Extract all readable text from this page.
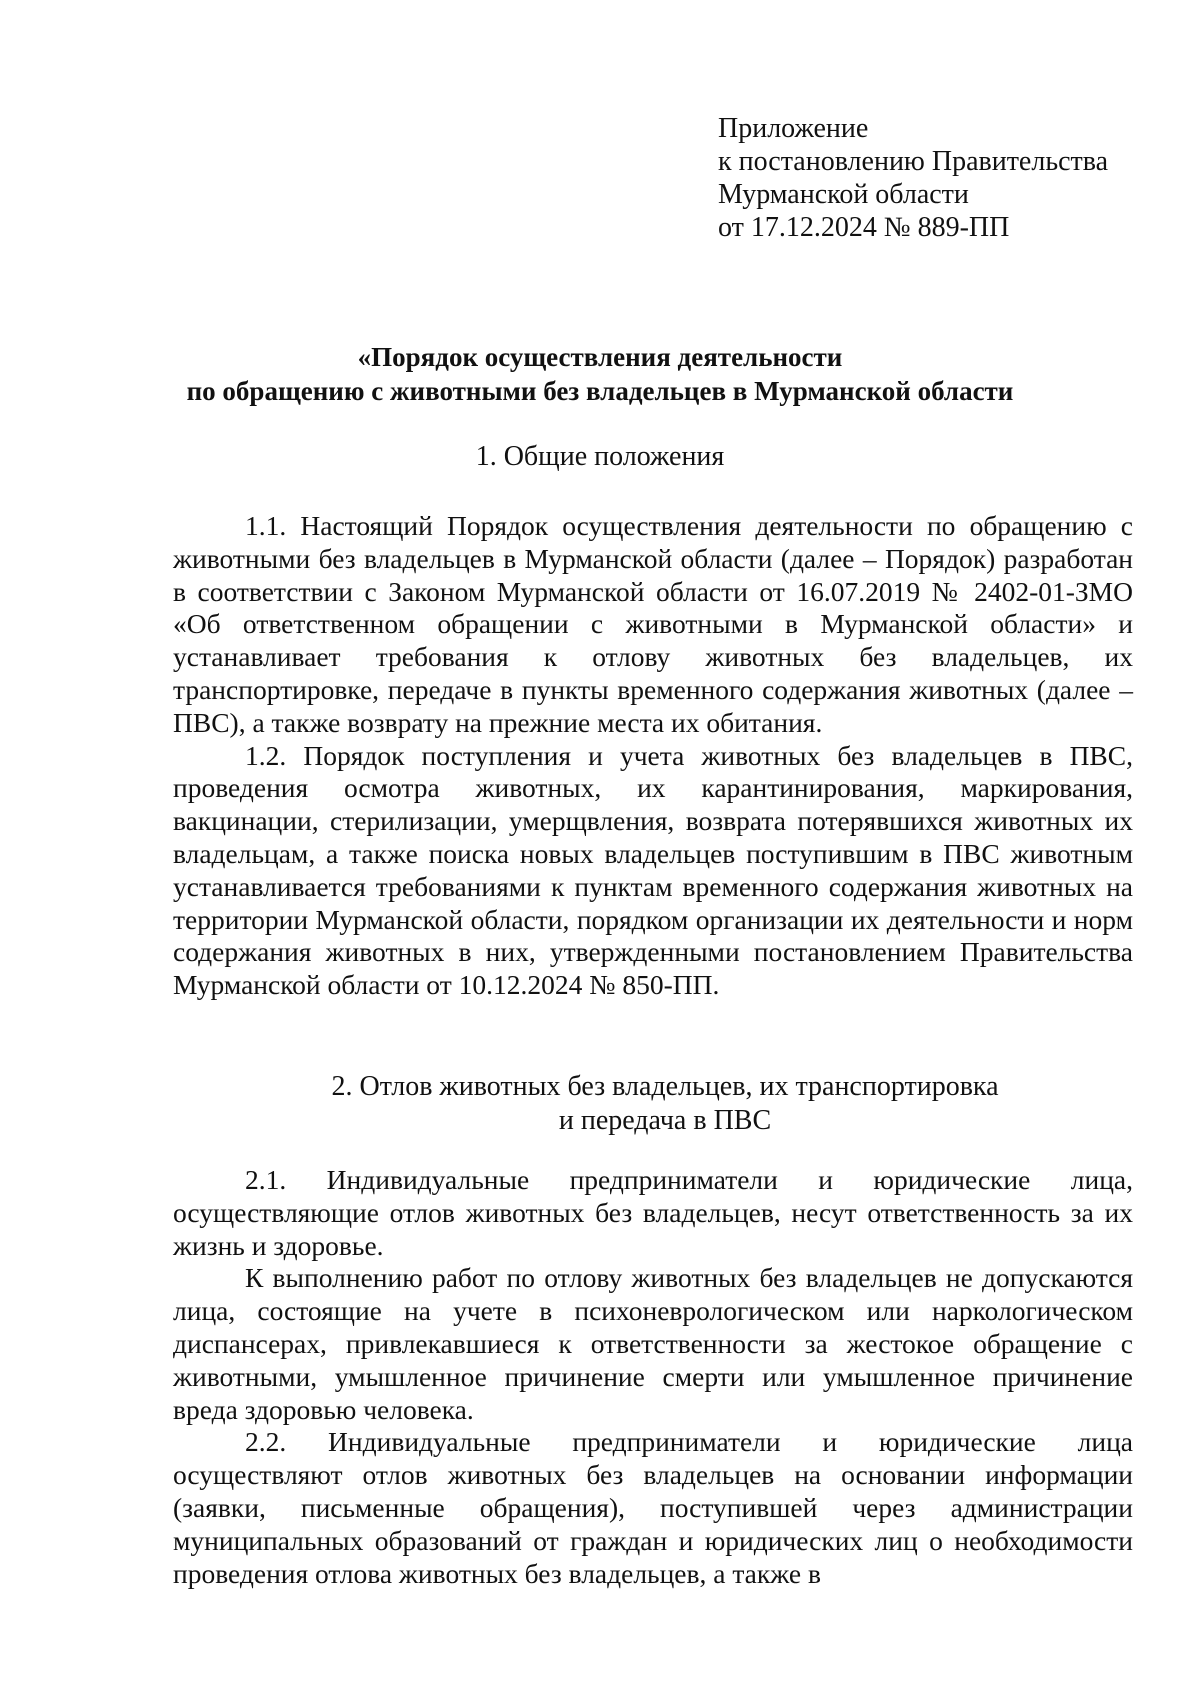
Приложение
к постановлению Правительства
Мурманской области
от 17.12.2024 № 889-ПП
«Порядок осуществления деятельности
по обращению с животными без владельцев в Мурманской области
1. Общие положения

1.1. Настоящий Порядок осуществления деятельности по обращению с животными без владельцев в Мурманской области (далее – Порядок) разработан в соответствии с Законом Мурманской области от 16.07.2019 № 2402-01-ЗМО «Об ответственном обращении с животными в Мурманской области» и устанавливает требования к отлову животных без владельцев, их транспортировке, передаче в пункты временного содержания животных (далее – ПВС), а также возврату на прежние места их обитания.

1.2. Порядок поступления и учета животных без владельцев в ПВС, проведения осмотра животных, их карантинирования, маркирования, вакцинации, стерилизации, умерщвления, возврата потерявшихся животных их владельцам, а также поиска новых владельцев поступившим в ПВС животным устанавливается требованиями к пунктам временного содержания животных на территории Мурманской области, порядком организации их деятельности и норм содержания животных в них, утвержденными постановлением Правительства Мурманской области от 10.12.2024 № 850-ПП.

2. Отлов животных без владельцев, их транспортировка
и передача в ПВС

2.1. Индивидуальные предприниматели и юридические лица, осуществляющие отлов животных без владельцев, несут ответственность за их жизнь и здоровье.

К выполнению работ по отлову животных без владельцев не допускаются лица, состоящие на учете в психоневрологическом или наркологическом диспансерах, привлекавшиеся к ответственности за жестокое обращение с животными, умышленное причинение смерти или умышленное причинение вреда здоровью человека.

2.2. Индивидуальные предприниматели и юридические лица осуществляют отлов животных без владельцев на основании информации (заявки, письменные обращения), поступившей через администрации муниципальных образований от граждан и юридических лиц о необходимости проведения отлова животных без владельцев, а также в
